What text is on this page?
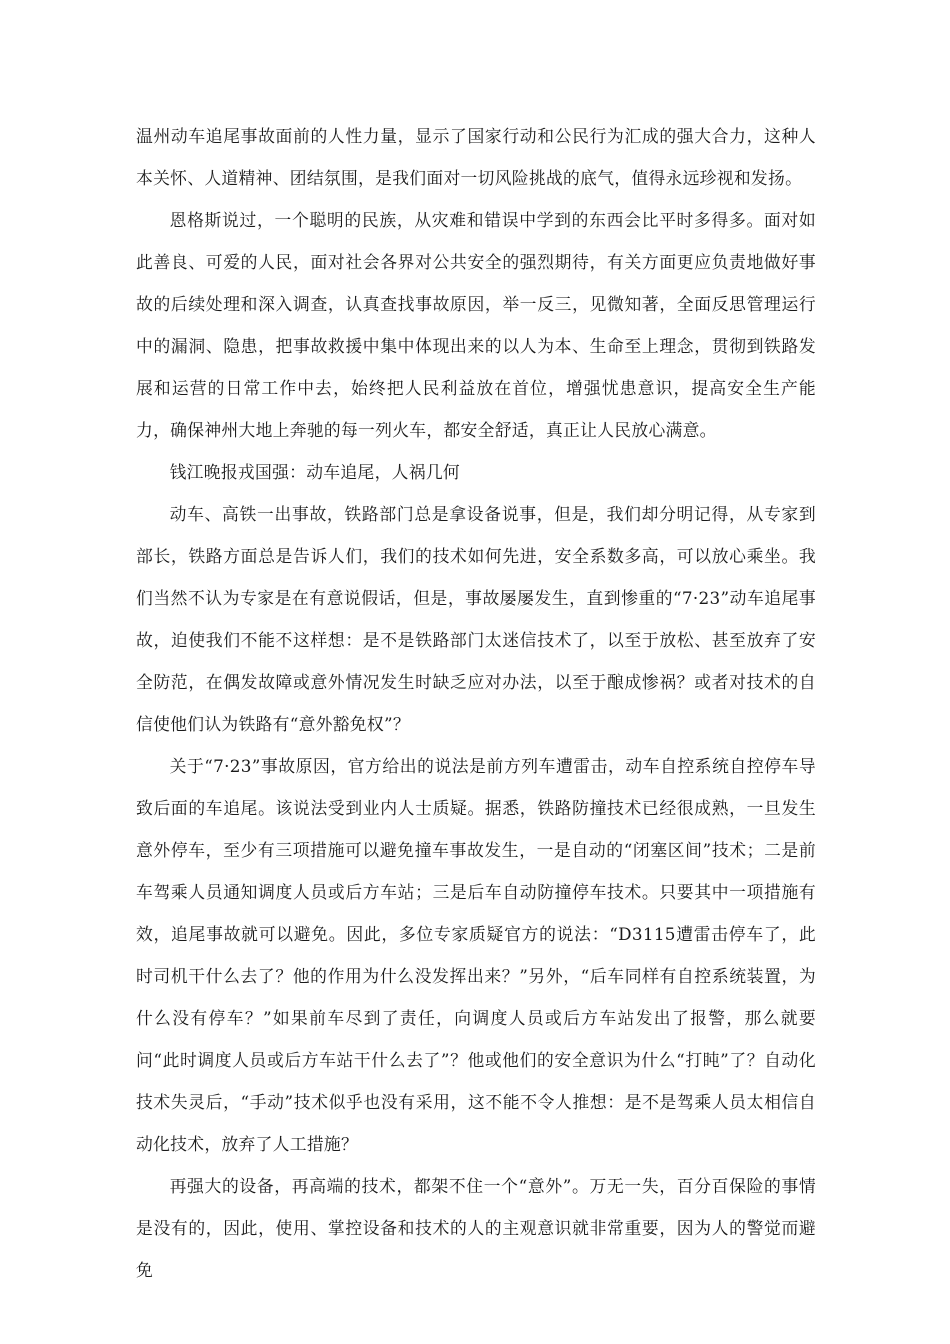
温州动车追尾事故面前的人性力量，显示了国家行动和公民行为汇成的强大合力，这种人本关怀、人道精神、团结氛围，是我们面对一切风险挑战的底气，值得永远珍视和发扬。

恩格斯说过，一个聪明的民族，从灾难和错误中学到的东西会比平时多得多。面对如此善良、可爱的人民，面对社会各界对公共安全的强烈期待，有关方面更应负责地做好事故的后续处理和深入调查，认真查找事故原因，举一反三，见微知著，全面反思管理运行中的漏洞、隐患，把事故救援中集中体现出来的以人为本、生命至上理念，贯彻到铁路发展和运营的日常工作中去，始终把人民利益放在首位，增强忧患意识，提高安全生产能力，确保神州大地上奔驰的每一列火车，都安全舒适，真正让人民放心满意。

钱江晚报戎国强：动车追尾，人祸几何

动车、高铁一出事故，铁路部门总是拿设备说事，但是，我们却分明记得，从专家到部长，铁路方面总是告诉人们，我们的技术如何先进，安全系数多高，可以放心乘坐。我们当然不认为专家是在有意说假话，但是，事故屡屡发生，直到惨重的“7·23”动车追尾事故，迫使我们不能不这样想：是不是铁路部门太迷信技术了，以至于放松、甚至放弃了安全防范，在偶发故障或意外情况发生时缺乏应对办法，以至于酿成惨祸？或者对技术的自信使他们认为铁路有“意外豁免权”？

关于“7·23”事故原因，官方给出的说法是前方列车遭雷击，动车自控系统自控停车导致后面的车追尾。该说法受到业内人士质疑。据悉，铁路防撞技术已经很成熟，一旦发生意外停车，至少有三项措施可以避免撞车事故发生，一是自动的“闭塞区间”技术；二是前车驾乘人员通知调度人员或后方车站；三是后车自动防撞停车技术。只要其中一项措施有效，追尾事故就可以避免。因此，多位专家质疑官方的说法：“D3115遭雷击停车了，此时司机干什么去了？他的作用为什么没发挥出来？”另外，“后车同样有自控系统装置，为什么没有停车？”如果前车尽到了责任，向调度人员或后方车站发出了报警，那么就要问“此时调度人员或后方车站干什么去了”？他或他们的安全意识为什么“打盹”了？自动化技术失灵后，“手动”技术似乎也没有采用，这不能不令人推想：是不是驾乘人员太相信自动化技术，放弃了人工措施？

再强大的设备，再高端的技术，都架不住一个“意外”。万无一失，百分百保险的事情是没有的，因此，使用、掌控设备和技术的人的主观意识就非常重要，因为人的警觉而避免
